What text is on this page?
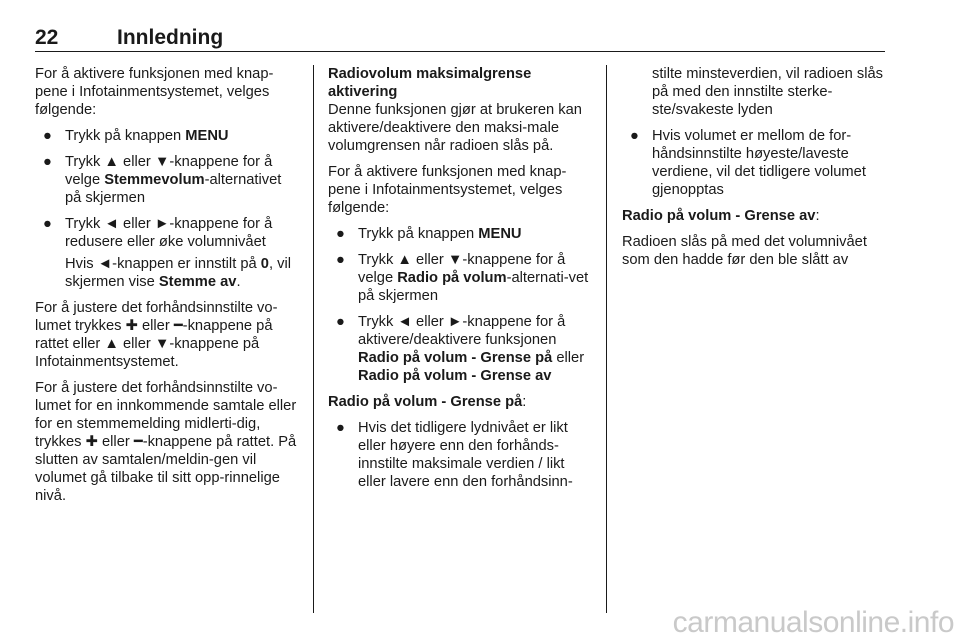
22	Innledning

For å aktivere funksjonen med knap-pene i Infotainmentsystemet, velges følgende:

● Trykk på knappen MENU
● Trykk ▲ eller ▼-knappene for å velge Stemmevolum-alternativet på skjermen
● Trykk ◄ eller ►-knappene for å redusere eller øke volumnivået

Hvis ◄-knappen er innstilt på 0, vil skjermen vise Stemme av.

For å justere det forhåndsinnstilte vo-lumet trykkes ✚ eller ━-knappene på rattet eller ▲ eller ▼-knappene på Infotainmentsystemet.

For å justere det forhåndsinnstilte vo-lumet for en innkommende samtale eller for en stemmemelding midlerti-dig, trykkes ✚ eller ━-knappene på rattet. På slutten av samtalen/meldin-gen vil volumet gå tilbake til sitt opp-rinnelige nivå.

Radiovolum maksimalgrense aktivering

Denne funksjonen gjør at brukeren kan aktivere/deaktivere den maksi-male volumgrensen når radioen slås på.

For å aktivere funksjonen med knap-pene i Infotainmentsystemet, velges følgende:

● Trykk på knappen MENU
● Trykk ▲ eller ▼-knappene for å velge Radio på volum-alternati-vet på skjermen
● Trykk ◄ eller ►-knappene for å aktivere/deaktivere funksjonen Radio på volum - Grense på eller Radio på volum - Grense av

Radio på volum - Grense på:

● Hvis det tidligere lydnivået er likt eller høyere enn den forhånds-innstilte maksimale verdien / likt eller lavere enn den forhåndsinn-
stilte minsteverdien, vil radioen slås på med den innstilte sterke-ste/svakeste lyden
● Hvis volumet er mellom de for-håndsinnstilte høyeste/laveste verdiene, vil det tidligere volumet gjenopptas

Radio på volum - Grense av:

Radioen slås på med det volumnivået som den hadde før den ble slått av

carmanualsonline.info
